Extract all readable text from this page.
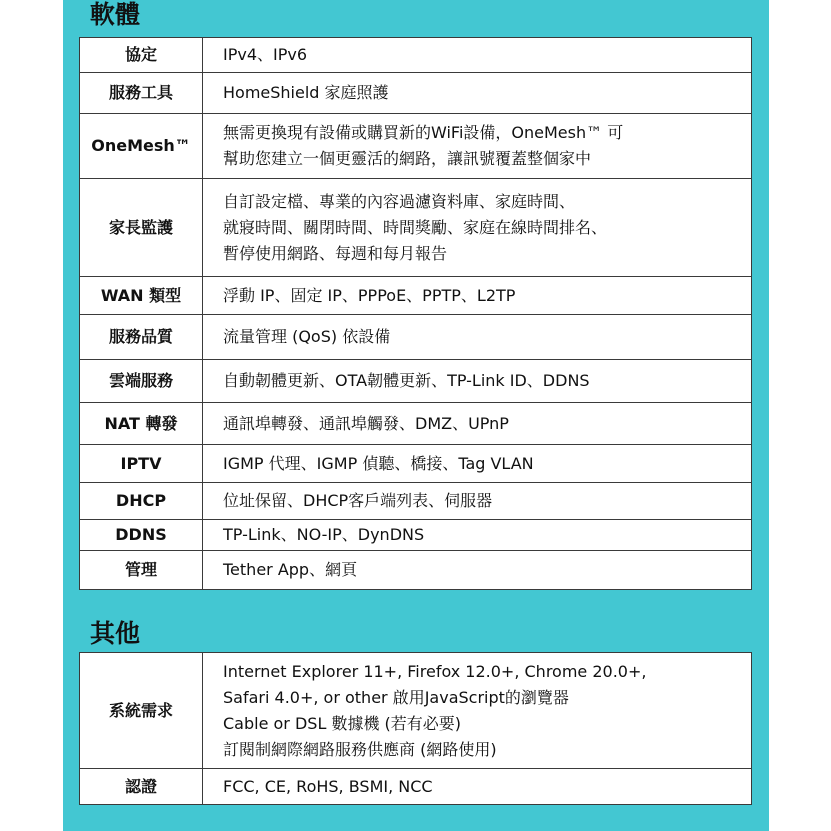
軟體
協定	IPv4、IPv6

服務工具	HomeShield 家庭照護

OneMesh™	無需更換現有設備或購買新的WiFi設備，OneMesh™ 可
幫助您建立一個更靈活的網路，讓訊號覆蓋整個家中

家長監護	自訂設定檔、專業的內容過濾資料庫、家庭時間、
就寢時間、關閉時間、時間獎勵、家庭在線時間排名、
暫停使用網路、每週和每月報告

WAN 類型	浮動 IP、固定 IP、PPPoE、PPTP、L2TP

服務品質	流量管理 (QoS) 依設備

雲端服務	自動韌體更新、OTA韌體更新、TP-Link ID、DDNS

NAT 轉發	通訊埠轉發、通訊埠觸發、DMZ、UPnP

IPTV	IGMP 代理、IGMP 偵聽、橋接、Tag VLAN

DHCP	位址保留、DHCP客戶端列表、伺服器

DDNS	TP-Link、NO-IP、DynDNS

管理	Tether App、網頁
其他
系統需求	Internet Explorer 11+, Firefox 12.0+, Chrome 20.0+,
Safari 4.0+, or other 啟用JavaScript的瀏覽器
Cable or DSL 數據機 (若有必要)
訂閱制網際網路服務供應商 (網路使用)

認證	FCC, CE, RoHS, BSMI, NCC
